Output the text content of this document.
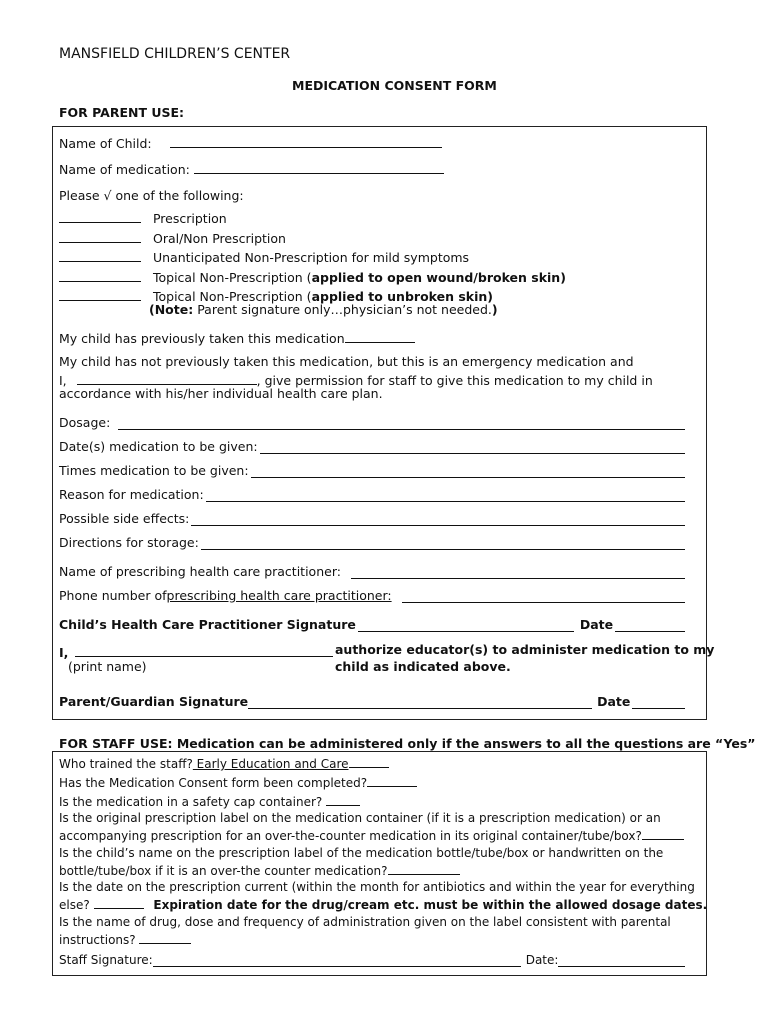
MANSFIELD CHILDREN’S CENTER
MEDICATION CONSENT FORM
FOR PARENT USE:
Name of Child:
Name of medication:
Please √ one of the following:
Prescription
Oral/Non Prescription
Unanticipated Non-Prescription for mild symptoms
Topical Non-Prescription (applied to open wound/broken skin)
Topical Non-Prescription (applied to unbroken skin)
(Note: Parent signature only…physician’s not needed.)
My child has previously taken this medication
My child has not previously taken this medication, but this is an emergency medication and
I,	, give permission for staff to give this medication to my child in
accordance with his/her individual health care plan.
Dosage:
Date(s) medication to be given:
Times medication to be given:
Reason for medication:
Possible side effects:
Directions for storage:
Name of prescribing health care practitioner:
Phone number of prescribing health care practitioner:
Child’s Health Care Practitioner Signature	Date
I,	authorize educator(s) to administer medication to my
child as indicated above.
(print name)
Parent/Guardian Signature	Date
FOR STAFF USE: Medication can be administered only if the answers to all the questions are “Yes”
Who trained the staff? Early Education and Care
Has the Medication Consent form been completed?
Is the medication in a safety cap container?
Is the original prescription label on the medication container (if it is a prescription medication) or an
accompanying prescription for an over-the-counter medication in its original container/tube/box?
Is the child’s name on the prescription label of the medication bottle/tube/box or handwritten on the
bottle/tube/box if it is an over-the counter medication?
Is the date on the prescription current (within the month for antibiotics and within the year for everything
else?	Expiration date for the drug/cream etc. must be within the allowed dosage dates.
Is the name of drug, dose and frequency of administration given on the label consistent with parental
instructions?
Staff Signature:	Date:
